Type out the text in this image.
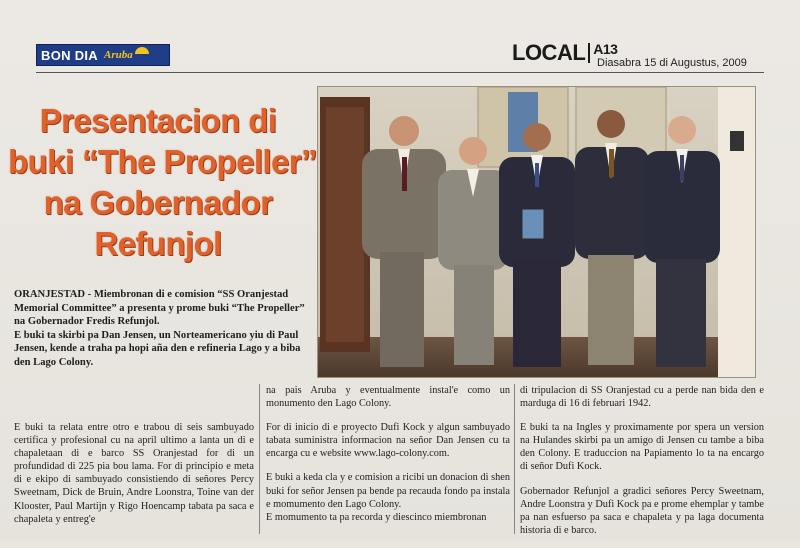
BON DIA Aruba	LOCAL $^{A13}$
Diasabra 15 di Augustus, 2009
Presentacion di
buki “The Propeller”
na Gobernador
Refunjol

ORANJESTAD - Miembronan di e comision “SS Oranjestad Memorial Committee” a presenta y prome buki “The Propeller” na Gobernador Fredis Refunjol.

E buki ta skirbi pa Dan Jensen, un Norteamericano yiu di Paul Jensen, kende a traha pa hopi aña den e refineria Lago y a biba den Lago Colony.

E buki ta relata entre otro e trabou di seis sambuyado certifica y profesional cu na april ultimo a lanta un di e chapaletaan di e barco SS Oranjestad for di un profundidad di 225 pia bou lama. For di principio e meta di e ekipo di sambuyado consistiendo di señores Percy Sweetnam, Dick de Bruin, Andre Loonstra, Toine van der Klooster, Paul Martijn y Rigo Hoencamp tabata pa saca e chapaleta y entreg'e

na pais Aruba y eventualmente instal'e como un monumento den Lago Colony.

For di inicio di e proyecto Dufi Kock y algun sambuyado tabata suministra informacion na señor Dan Jensen cu ta encarga cu e website www.lago-colony.com.

E buki a keda cla y e comision a ricibi un donacion di shen buki for señor Jensen pa bende pa recauda fondo pa instala e momumento den Lago Colony.

E momumento ta pa recorda y diescinco miembronan

di tripulacion di SS Oranjestad cu a perde nan bida den e marduga di 16 di februari 1942.

E buki ta na Ingles y proximamente por spera un version na Hulandes skirbi pa un amigo di Jensen cu tambe a biba den Colony. E traduccion na Papiamento lo ta na encargo di señor Dufi Kock.

Gobernador Refunjol a gradici señores Percy Sweetnam, Andre Loonstra y Dufi Kock pa e prome ehemplar y tambe pa nan esfuerso pa saca e chapaleta y pa laga documenta historia di e barco.
